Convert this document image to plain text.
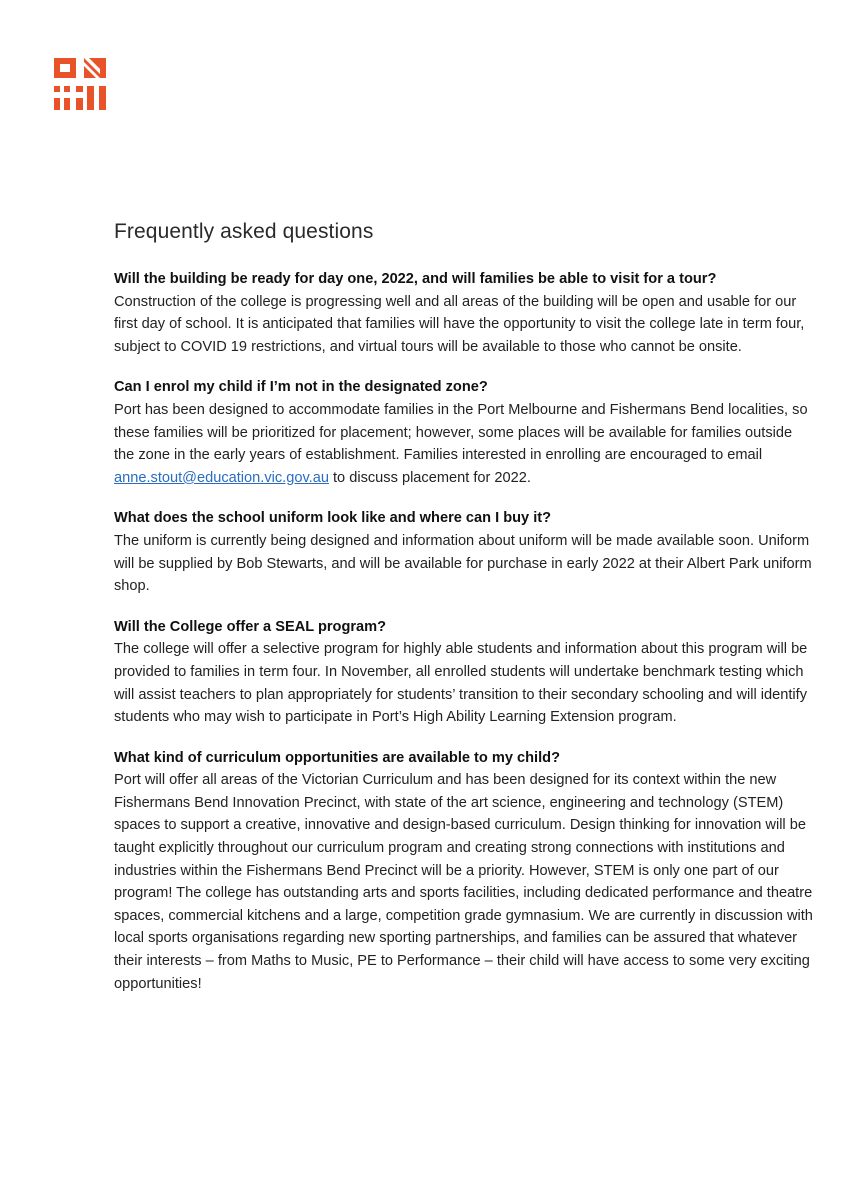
Frequently asked questions

Will the building be ready for day one, 2022, and will families be able to visit for a tour?

Construction of the college is progressing well and all areas of the building will be open and usable for our first day of school. It is anticipated that families will have the opportunity to visit the college late in term four, subject to COVID 19 restrictions, and virtual tours will be available to those who cannot be onsite.

Can I enrol my child if I’m not in the designated zone?

Port has been designed to accommodate families in the Port Melbourne and Fishermans Bend localities, so these families will be prioritized for placement; however, some places will be available for families outside the zone in the early years of establishment. Families interested in enrolling are encouraged to email anne.stout@education.vic.gov.au to discuss placement for 2022.

What does the school uniform look like and where can I buy it?

The uniform is currently being designed and information about uniform will be made available soon. Uniform will be supplied by Bob Stewarts, and will be available for purchase in early 2022 at their Albert Park uniform shop.

Will the College offer a SEAL program?

The college will offer a selective program for highly able students and information about this program will be provided to families in term four. In November, all enrolled students will undertake benchmark testing which will assist teachers to plan appropriately for students’ transition to their secondary schooling and will identify students who may wish to participate in Port’s High Ability Learning Extension program.

What kind of curriculum opportunities are available to my child?

Port will offer all areas of the Victorian Curriculum and has been designed for its context within the new Fishermans Bend Innovation Precinct, with state of the art science, engineering and technology (STEM) spaces to support a creative, innovative and design-based curriculum. Design thinking for innovation will be taught explicitly throughout our curriculum program and creating strong connections with institutions and industries within the Fishermans Bend Precinct will be a priority. However, STEM is only one part of our program! The college has outstanding arts and sports facilities, including dedicated performance and theatre spaces, commercial kitchens and a large, competition grade gymnasium. We are currently in discussion with local sports organisations regarding new sporting partnerships, and families can be assured that whatever their interests – from Maths to Music, PE to Performance – their child will have access to some very exciting opportunities!
